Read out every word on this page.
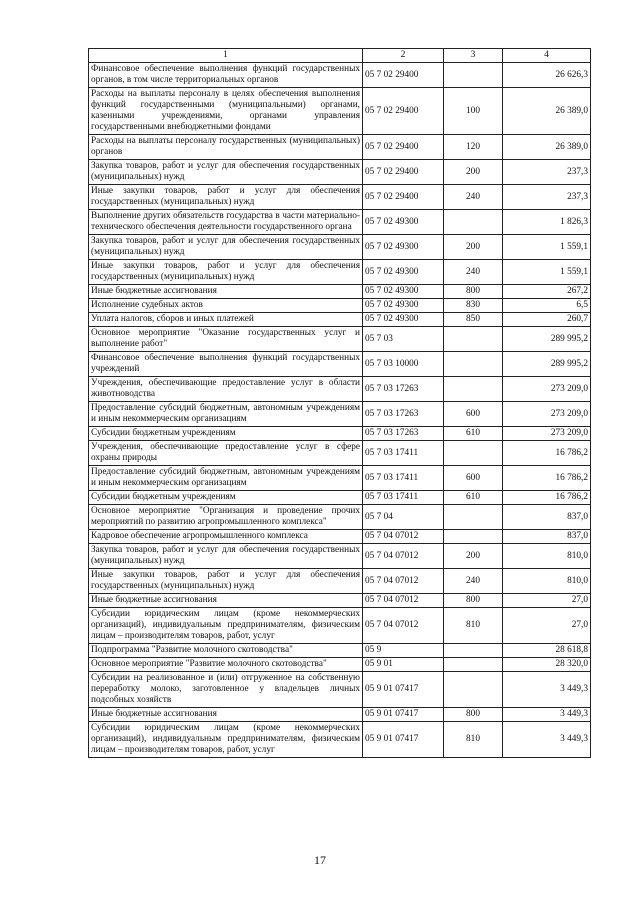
1	2	3	4
Финансовое обеспечение выполнения функций государственных органов, в том числе территориальных органов	05 7 02 29400		26 626,3
Расходы на выплаты персоналу в целях обеспечения выполнения функций государственными (муниципальными) органами, казенными учреждениями, органами управления государственными внебюджетными фондами	05 7 02 29400	100	26 389,0
Расходы на выплаты персоналу государственных (муниципальных) органов	05 7 02 29400	120	26 389,0
Закупка товаров, работ и услуг для обеспечения государственных (муниципальных) нужд	05 7 02 29400	200	237,3
Иные закупки товаров, работ и услуг для обеспечения государственных (муниципальных) нужд	05 7 02 29400	240	237,3
Выполнение других обязательств государства в части материально-технического обеспечения деятельности государственного органа	05 7 02 49300		1 826,3
Закупка товаров, работ и услуг для обеспечения государственных (муниципальных) нужд	05 7 02 49300	200	1 559,1
Иные закупки товаров, работ и услуг для обеспечения государственных (муниципальных) нужд	05 7 02 49300	240	1 559,1
Иные бюджетные ассигнования	05 7 02 49300	800	267,2
Исполнение судебных актов	05 7 02 49300	830	6,5
Уплата налогов, сборов и иных платежей	05 7 02 49300	850	260,7
Основное мероприятие "Оказание государственных услуг и выполнение работ"	05 7 03		289 995,2
Финансовое обеспечение выполнения функций государственных учреждений	05 7 03 10000		289 995,2
Учреждения, обеспечивающие предоставление услуг в области животноводства	05 7 03 17263		273 209,0
Предоставление субсидий бюджетным, автономным учреждениям и иным некоммерческим организациям	05 7 03 17263	600	273 209,0
Субсидии бюджетным учреждениям	05 7 03 17263	610	273 209,0
Учреждения, обеспечивающие предоставление услуг в сфере охраны природы	05 7 03 17411		16 786,2
Предоставление субсидий бюджетным, автономным учреждениям и иным некоммерческим организациям	05 7 03 17411	600	16 786,2
Субсидии бюджетным учреждениям	05 7 03 17411	610	16 786,2
Основное мероприятие "Организация и проведение прочих мероприятий по развитию агропромышленного комплекса"	05 7 04		837,0
Кадровое обеспечение агропромышленного комплекса	05 7 04 07012		837,0
Закупка товаров, работ и услуг для обеспечения государственных (муниципальных) нужд	05 7 04 07012	200	810,0
Иные закупки товаров, работ и услуг для обеспечения государственных (муниципальных) нужд	05 7 04 07012	240	810,0
Иные бюджетные ассигнования	05 7 04 07012	800	27,0
Субсидии юридическим лицам (кроме некоммерческих организаций), индивидуальным предпринимателям, физическим лицам – производителям товаров, работ, услуг	05 7 04 07012	810	27,0
Подпрограмма "Развитие молочного скотоводства"	05 9		28 618,8
Основное мероприятие "Развитие молочного скотоводства"	05 9 01		28 320,0
Субсидии на реализованное и (или) отгруженное на собственную переработку молоко, заготовленное у владельцев личных подсобных хозяйств	05 9 01 07417		3 449,3
Иные бюджетные ассигнования	05 9 01 07417	800	3 449,3
Субсидии юридическим лицам (кроме некоммерческих организаций), индивидуальным предпринимателям, физическим лицам – производителям товаров, работ, услуг	05 9 01 07417	810	3 449,3
17
